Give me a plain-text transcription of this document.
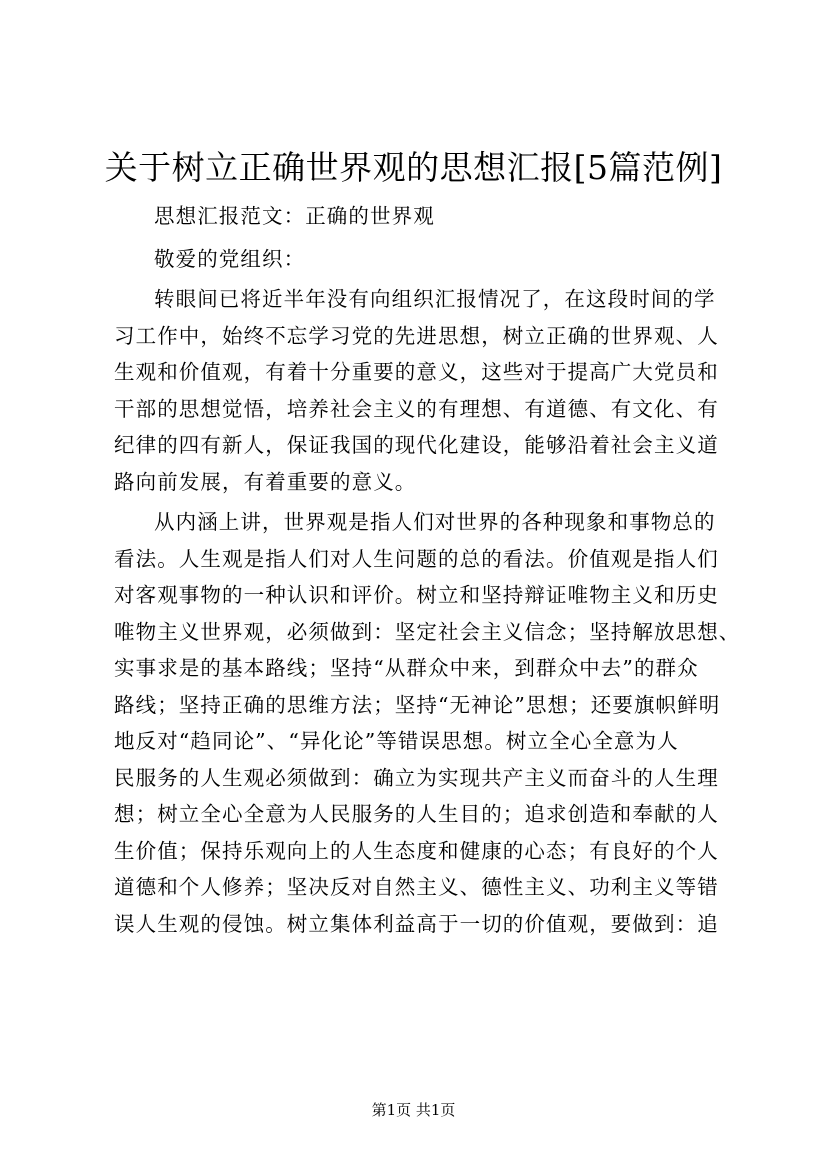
关于树立正确世界观的思想汇报[5篇范例]

思想汇报范文：正确的世界观

敬爱的党组织：

转眼间已将近半年没有向组织汇报情况了，在这段时间的学

习工作中，始终不忘学习党的先进思想，树立正确的世界观、人

生观和价值观，有着十分重要的意义，这些对于提高广大党员和

干部的思想觉悟，培养社会主义的有理想、有道德、有文化、有

纪律的四有新人，保证我国的现代化建设，能够沿着社会主义道

路向前发展，有着重要的意义。

从内涵上讲，世界观是指人们对世界的各种现象和事物总的

看法。人生观是指人们对人生问题的总的看法。价值观是指人们

对客观事物的一种认识和评价。树立和坚持辩证唯物主义和历史

唯物主义世界观，必须做到：坚定社会主义信念；坚持解放思想、

实事求是的基本路线；坚持“从群众中来，到群众中去”的群众

路线；坚持正确的思维方法；坚持“无神论”思想；还要旗帜鲜明

地反对“趋同论”、“异化论”等错误思想。树立全心全意为人

民服务的人生观必须做到：确立为实现共产主义而奋斗的人生理

想；树立全心全意为人民服务的人生目的；追求创造和奉献的人

生价值；保持乐观向上的人生态度和健康的心态；有良好的个人

道德和个人修养；坚决反对自然主义、德性主义、功利主义等错

误人生观的侵蚀。树立集体利益高于一切的价值观，要做到：追

第1页 共1页
